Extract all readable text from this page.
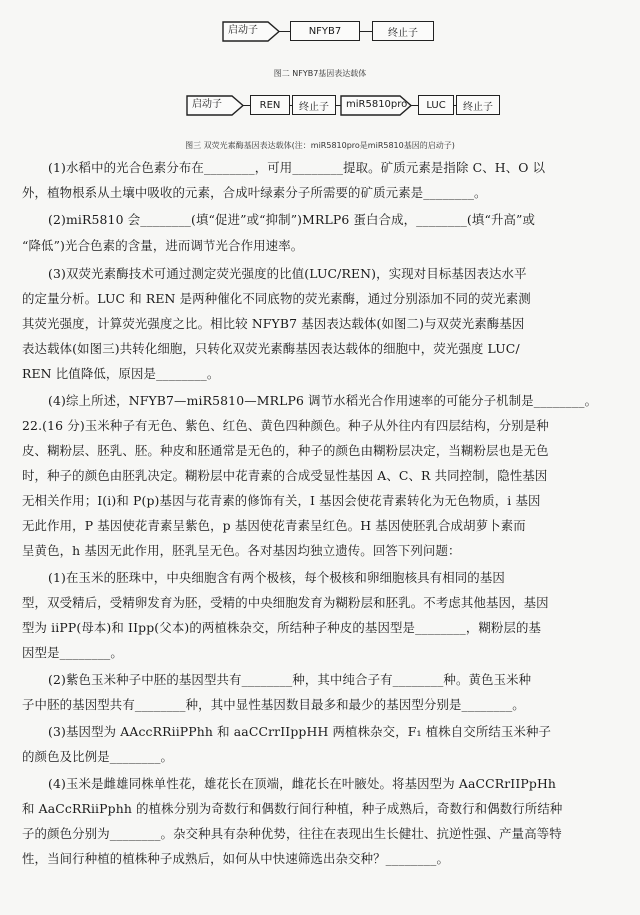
启动子	NFYB7	终止子
图二 NFYB7基因表达载体
启动子	REN	终止子	miR5810pro	LUC	终止子
图三 双荧光素酶基因表达载体(注：miR5810pro是miR5810基因的启动子)
(1)水稻中的光合色素分布在________，可用________提取。矿质元素是指除 C、H、O 以
外，植物根系从土壤中吸收的元素，合成叶绿素分子所需要的矿质元素是________。
(2)miR5810 会________(填“促进”或“抑制”)MRLP6 蛋白合成，________(填“升高”或
“降低”)光合色素的含量，进而调节光合作用速率。
(3)双荧光素酶技术可通过测定荧光强度的比值(LUC/REN)，实现对目标基因表达水平
的定量分析。LUC 和 REN 是两种催化不同底物的荧光素酶，通过分别添加不同的荧光素测
其荧光强度，计算荧光强度之比。相比较 NFYB7 基因表达载体(如图二)与双荧光素酶基因
表达载体(如图三)共转化细胞，只转化双荧光素酶基因表达载体的细胞中，荧光强度 LUC/
REN 比值降低，原因是________。
(4)综上所述，NFYB7—miR5810—MRLP6 调节水稻光合作用速率的可能分子机制是________。
22.(16 分)玉米种子有无色、紫色、红色、黄色四种颜色。种子从外往内有四层结构，分别是种
皮、糊粉层、胚乳、胚。种皮和胚通常是无色的，种子的颜色由糊粉层决定，当糊粉层也是无色
时，种子的颜色由胚乳决定。糊粉层中花青素的合成受显性基因 A、C、R 共同控制，隐性基因
无相关作用；I(i)和 P(p)基因与花青素的修饰有关，I 基因会使花青素转化为无色物质，i 基因
无此作用，P 基因使花青素呈紫色，p 基因使花青素呈红色。H 基因使胚乳合成胡萝卜素而
呈黄色，h 基因无此作用，胚乳呈无色。各对基因均独立遗传。回答下列问题：
(1)在玉米的胚珠中，中央细胞含有两个极核，每个极核和卵细胞核具有相同的基因
型，双受精后，受精卵发育为胚，受精的中央细胞发育为糊粉层和胚乳。不考虑其他基因，基因
型为 iiPP(母本)和 IIpp(父本)的两植株杂交，所结种子种皮的基因型是________，糊粉层的基
因型是________。
(2)紫色玉米种子中胚的基因型共有________种，其中纯合子有________种。黄色玉米种
子中胚的基因型共有________种，其中显性基因数目最多和最少的基因型分别是________。
(3)基因型为 AAccRRiiPPhh 和 aaCCrrIIppHH 两植株杂交，F₁ 植株自交所结玉米种子
的颜色及比例是________。
(4)玉米是雌雄同株单性花，雄花长在顶端，雌花长在叶腋处。将基因型为 AaCCRrIIPpHh
和 AaCcRRiiPphh 的植株分别为奇数行和偶数行间行种植，种子成熟后，奇数行和偶数行所结种
子的颜色分别为________。杂交种具有杂种优势，往往在表现出生长健壮、抗逆性强、产量高等特
性，当间行种植的植株种子成熟后，如何从中快速筛选出杂交种？________。
